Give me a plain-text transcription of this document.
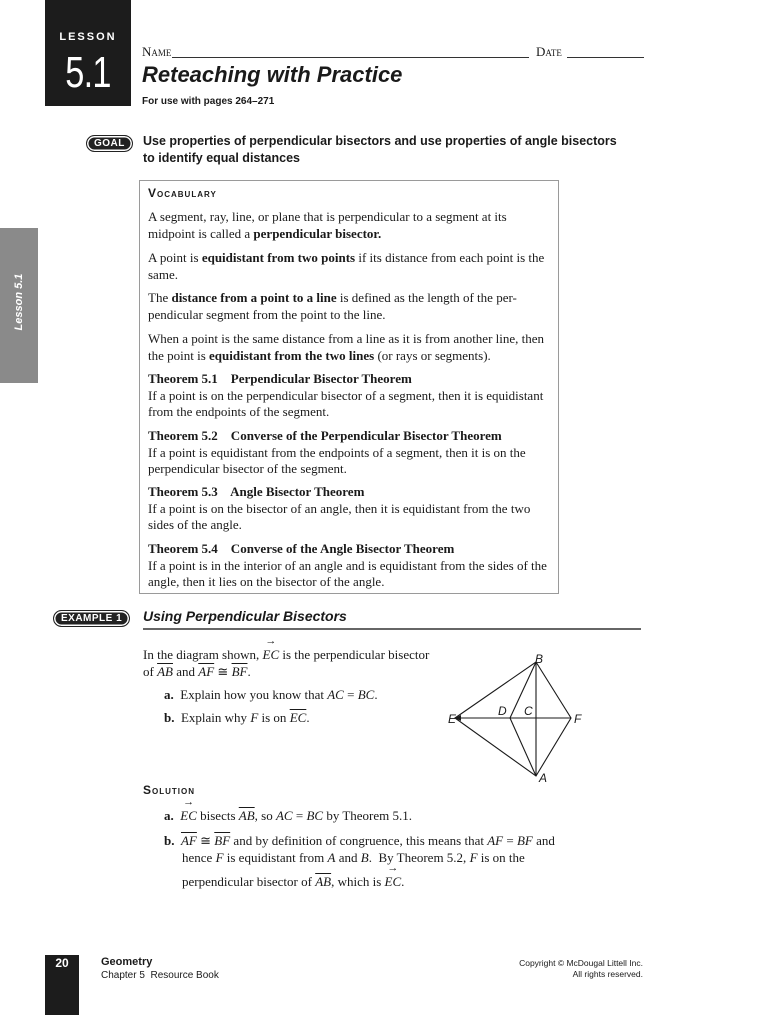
LESSON
5.1	Name	Date
Reteaching with Practice
For use with pages 264–271
Lesson 5.1
GOAL	Use properties of perpendicular bisectors and use properties of angle bisectors to identify equal distances
Vocabulary
A segment, ray, line, or plane that is perpendicular to a segment at its midpoint is called a perpendicular bisector.
A point is equidistant from two points if its distance from each point is the same.
The distance from a point to a line is defined as the length of the per-pendicular segment from the point to the line.
When a point is the same distance from a line as it is from another line, then the point is equidistant from the two lines (or rays or segments).
Theorem 5.1    Perpendicular Bisector Theorem
If a point is on the perpendicular bisector of a segment, then it is equidistant from the endpoints of the segment.
Theorem 5.2    Converse of the Perpendicular Bisector Theorem
If a point is equidistant from the endpoints of a segment, then it is on the perpendicular bisector of the segment.
Theorem 5.3    Angle Bisector Theorem
If a point is on the bisector of an angle, then it is equidistant from the two sides of the angle.
Theorem 5.4    Converse of the Angle Bisector Theorem
If a point is in the interior of an angle and is equidistant from the sides of the angle, then it lies on the bisector of the angle.
EXAMPLE 1	Using Perpendicular Bisectors
In the diagram shown, → EC is the perpendicular bisector of $\overline{AB}$ and $\overline{AF}$ ≅ $\overline{BF}$.
a.  Explain how you know that AC = BC.
b.  Explain why F is on $\overline{EC}$.
B
E
D C
F
A
Solution
a. → EC bisects $\overline{AB}$, so AC = BC by Theorem 5.1.
b. $\overline{AF}$ ≅ $\overline{BF}$ and by definition of congruence, this means that AF = BF and
hence F is equidistant from A and B.  By Theorem 5.2, F is on the
perpendicular bisector of $\overline{AB}$, which is → EC.
20	Geometry
Chapter 5  Resource Book
Copyright © McDougal Littell Inc.
All rights reserved.
